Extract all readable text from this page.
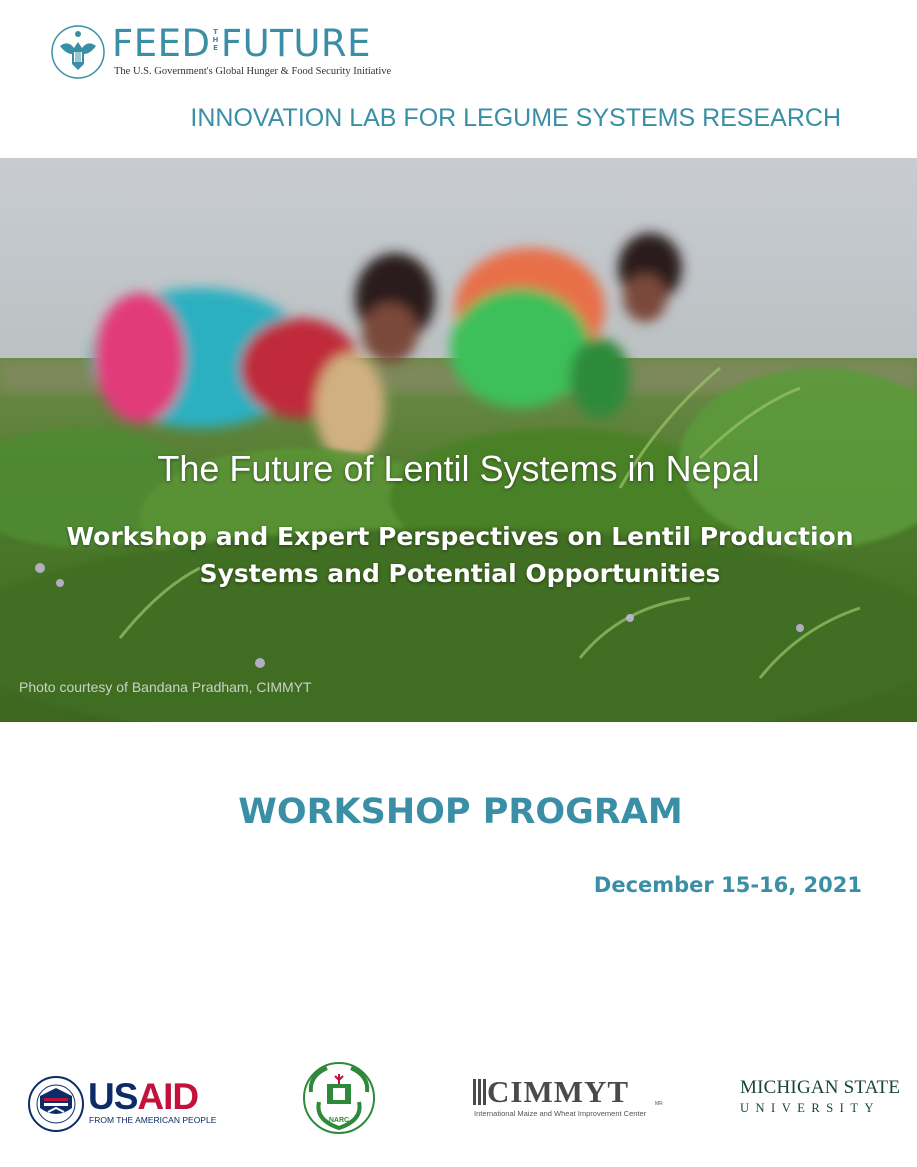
FEED T
H
E FUTURE
The U.S. Government's Global Hunger & Food Security Initiative
INNOVATION LAB FOR LEGUME SYSTEMS RESEARCH
The Future of Lentil Systems in Nepal
Workshop and Expert Perspectives on Lentil Production Systems and Potential Opportunities
Photo courtesy of Bandana Pradham, CIMMYT
WORKSHOP PROGRAM
December 15-16, 2021
USAID
FROM THE AMERICAN PEOPLE	NARC
CIMMYT	MR
International Maize and Wheat Improvement Center
MICHIGAN STATE
UNIVERSITY
